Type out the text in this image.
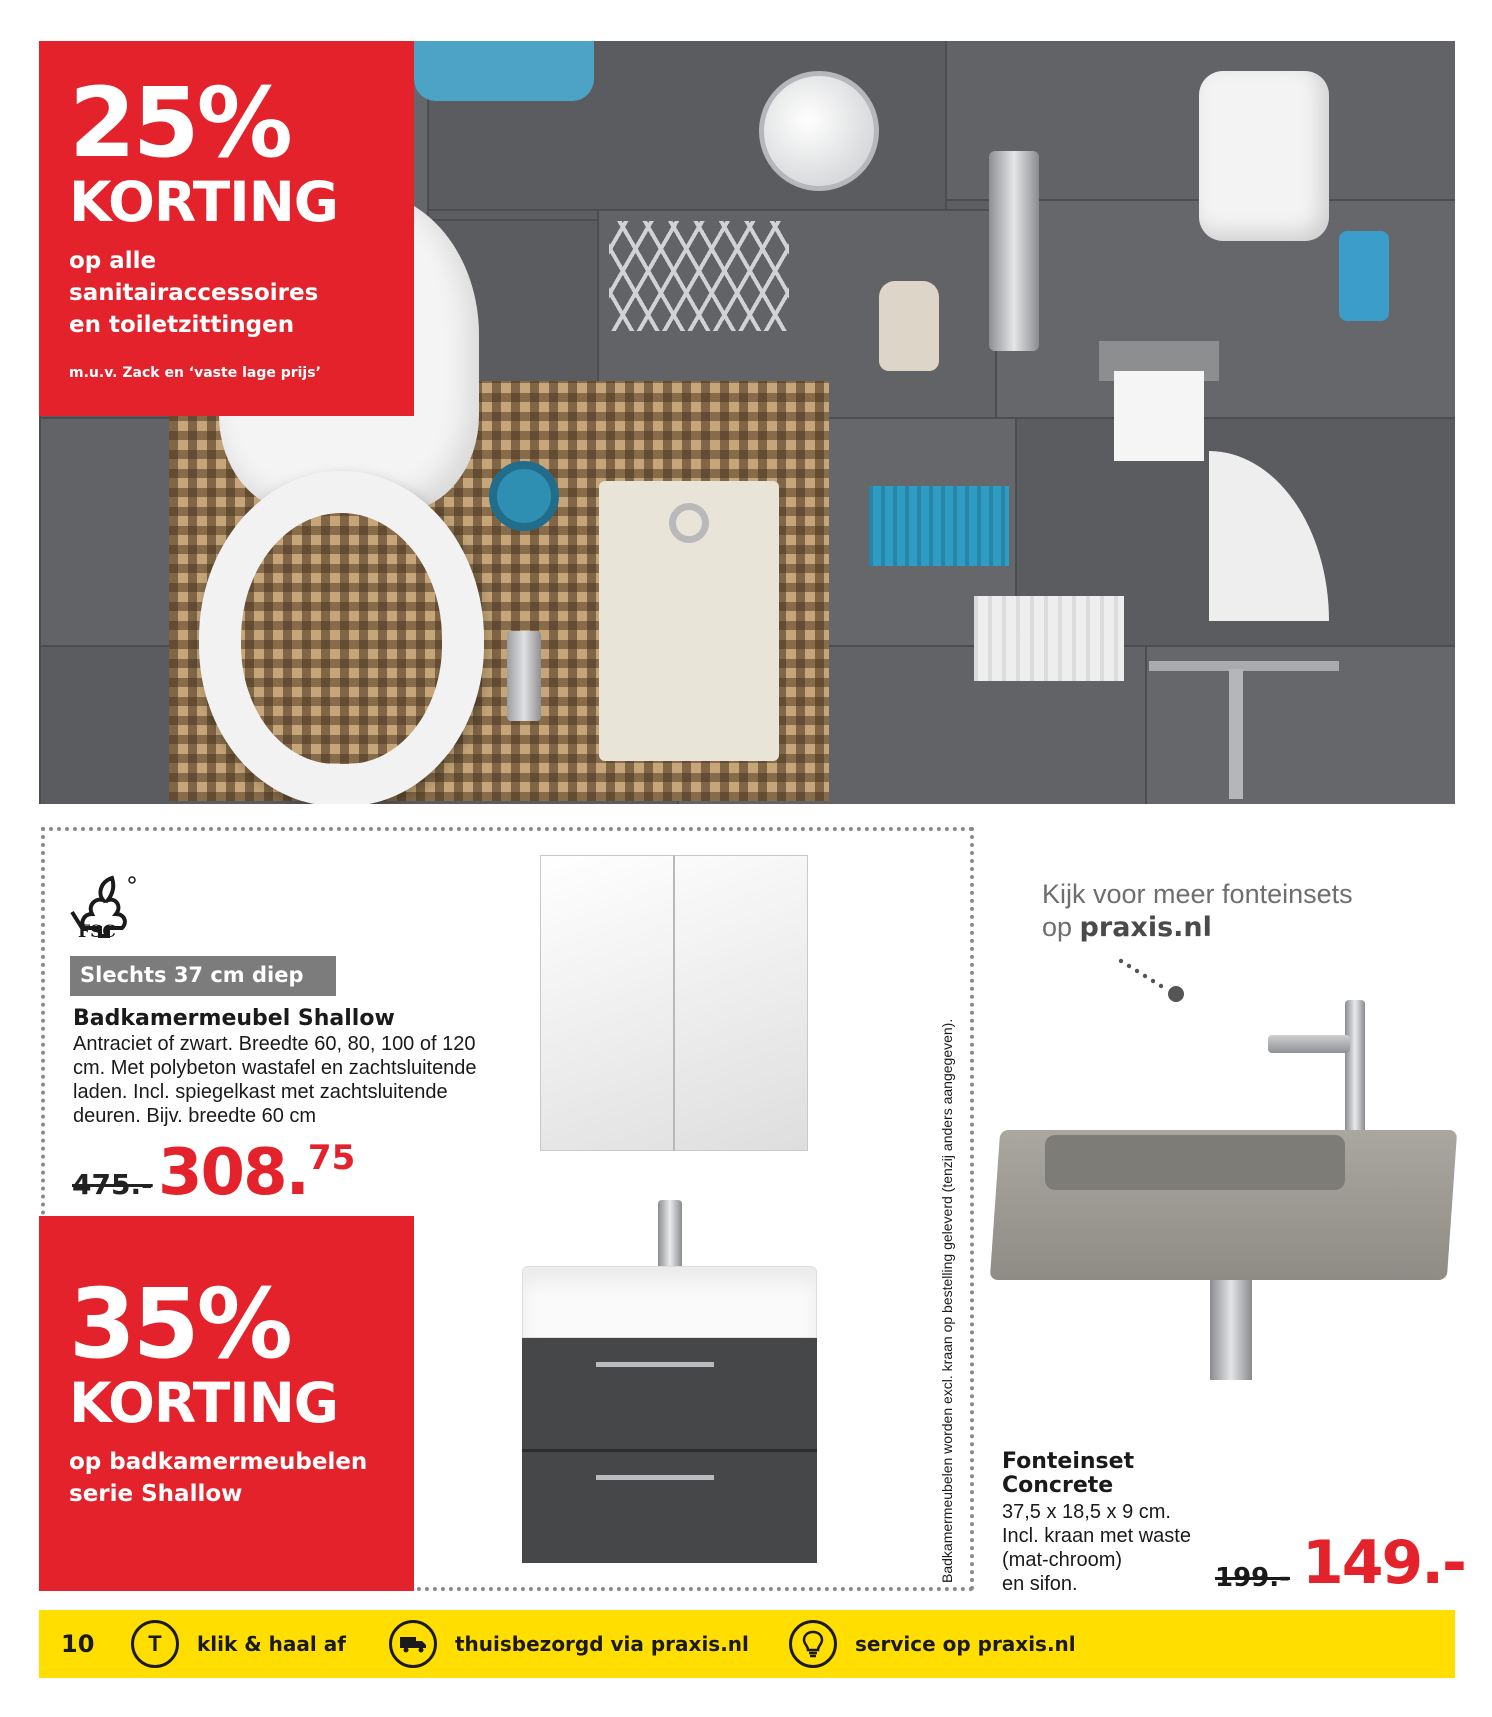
25%
KORTING
op alle
sanitairaccessoires
en toiletzittingen
m.u.v. Zack en ‘vaste lage prijs’
FSC
Slechts 37 cm diep
Badkamermeubel Shallow
Antraciet of zwart. Breedte 60, 80, 100 of 120 cm. Met polybeton wastafel en zachtsluitende laden. Incl. spiegelkast met zachtsluitende deuren. Bijv. breedte 60 cm
475.- 308.75
35%
KORTING
op badkamermeubelen
serie Shallow	Badkamermeubelen worden excl. kraan op bestelling geleverd (tenzij anders aangegeven).
Kijk voor meer fonteinsets
op praxis.nl
Fonteinset
Concrete
37,5 x 18,5 x 9 cm.
Incl. kraan met waste
(mat-chroom)
en sifon.	199.- 149.-
10	T	klik & haal af	thuisbezorgd via praxis.nl	service op praxis.nl
